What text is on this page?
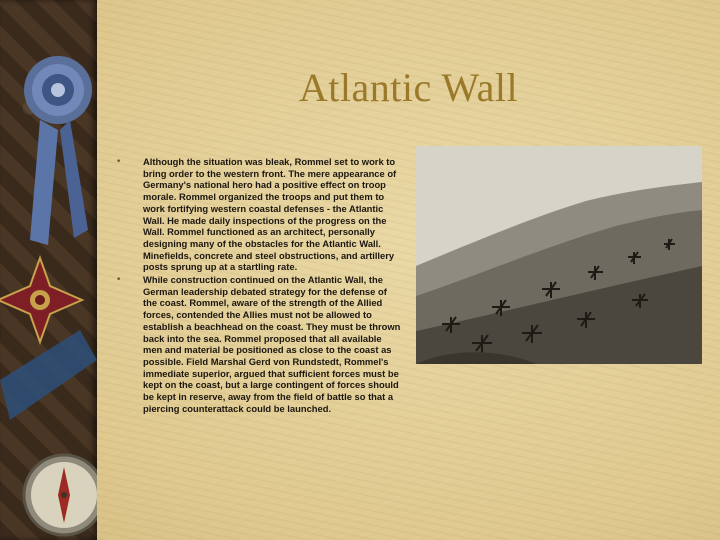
Atlantic Wall
• Although the situation was bleak, Rommel set to work to bring order to the western front. The mere appearance of Germany's national hero had a positive effect on troop morale. Rommel organized the troops and put them to work fortifying western coastal defenses - the Atlantic Wall. He made daily inspections of the progress on the Wall. Rommel functioned as an architect, personally designing many of the obstacles for the Atlantic Wall. Minefields, concrete and steel obstructions, and artillery posts sprung up at a startling rate.
• While construction continued on the Atlantic Wall, the German leadership debated strategy for the defense of the coast. Rommel, aware of the strength of the Allied forces, contended the Allies must not be allowed to establish a beachhead on the coast. They must be thrown back into the sea. Rommel proposed that all available men and material be positioned as close to the coast as possible. Field Marshal Gerd von Rundstedt, Rommel's immediate superior, argued that sufficient forces must be kept on the coast, but a large contingent of forces should be kept in reserve, away from the field of battle so that a piercing counterattack could be launched.
